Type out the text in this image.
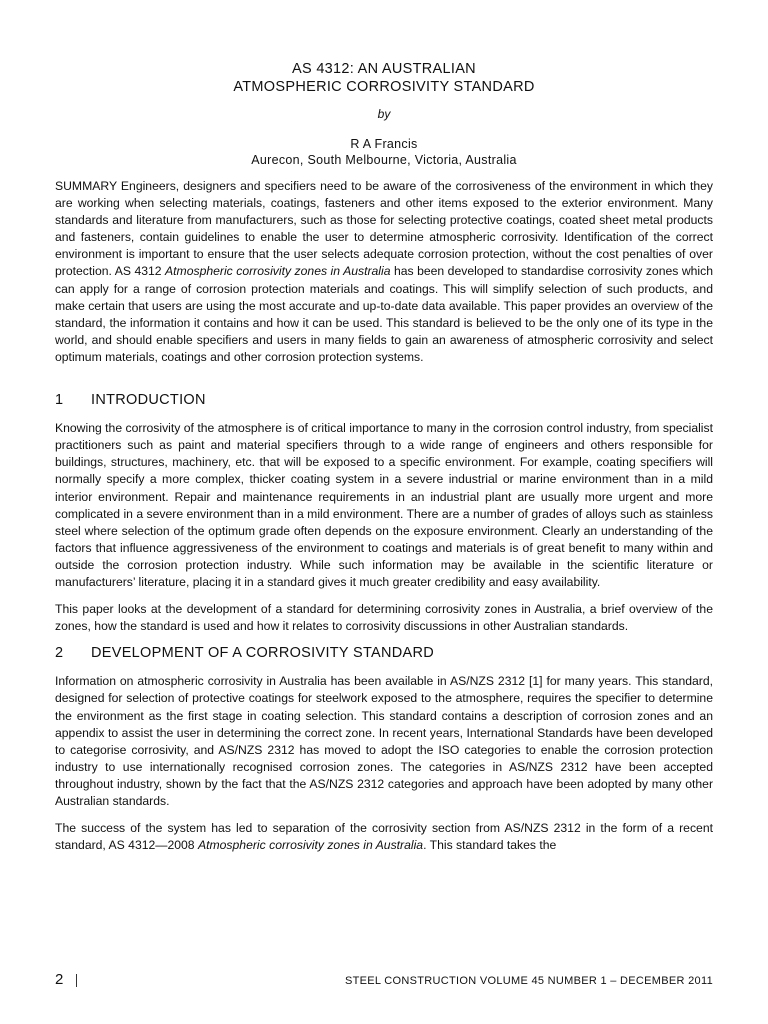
AS 4312: AN AUSTRALIAN
ATMOSPHERIC CORROSIVITY STANDARD
by
R A Francis
Aurecon, South Melbourne, Victoria, Australia

SUMMARY Engineers, designers and specifiers need to be aware of the corrosiveness of the environment in which they are working when selecting materials, coatings, fasteners and other items exposed to the exterior environment. Many standards and literature from manufacturers, such as those for selecting protective coatings, coated sheet metal products and fasteners, contain guidelines to enable the user to determine atmospheric corrosivity. Identification of the correct environment is important to ensure that the user selects adequate corrosion protection, without the cost penalties of over protection. AS 4312 Atmospheric corrosivity zones in Australia has been developed to standardise corrosivity zones which can apply for a range of corrosion protection materials and coatings. This will simplify selection of such products, and make certain that users are using the most accurate and up-to-date data available. This paper provides an overview of the standard, the information it contains and how it can be used. This standard is believed to be the only one of its type in the world, and should enable specifiers and users in many fields to gain an awareness of atmospheric corrosivity and select optimum materials, coatings and other corrosion protection systems.

1	INTRODUCTION

Knowing the corrosivity of the atmosphere is of critical importance to many in the corrosion control industry, from specialist practitioners such as paint and material specifiers through to a wide range of engineers and others responsible for buildings, structures, machinery, etc. that will be exposed to a specific environment. For example, coating specifiers will normally specify a more complex, thicker coating system in a severe industrial or marine environment than in a mild interior environment. Repair and maintenance requirements in an industrial plant are usually more urgent and more complicated in a severe environment than in a mild environment. There are a number of grades of alloys such as stainless steel where selection of the optimum grade often depends on the exposure environment. Clearly an understanding of the factors that influence aggressiveness of the environment to coatings and materials is of great benefit to many within and outside the corrosion protection industry. While such information may be available in the scientific literature or manufacturers’ literature, placing it in a standard gives it much greater credibility and easy availability.

This paper looks at the development of a standard for determining corrosivity zones in Australia, a brief overview of the zones, how the standard is used and how it relates to corrosivity discussions in other Australian standards.

2	DEVELOPMENT OF A CORROSIVITY STANDARD

Information on atmospheric corrosivity in Australia has been available in AS/NZS 2312 [1] for many years. This standard, designed for selection of protective coatings for steelwork exposed to the atmosphere, requires the specifier to determine the environment as the first stage in coating selection. This standard contains a description of corrosion zones and an appendix to assist the user in determining the correct zone. In recent years, International Standards have been developed to categorise corrosivity, and AS/NZS 2312 has moved to adopt the ISO categories to enable the corrosion protection industry to use internationally recognised corrosion zones. The categories in AS/NZS 2312 have been accepted throughout industry, shown by the fact that the AS/NZS 2312 categories and approach have been adopted by many other Australian standards.

The success of the system has led to separation of the corrosivity section from AS/NZS 2312 in the form of a recent standard, AS 4312—2008 Atmospheric corrosivity zones in Australia. This standard takes the

2	STEEL CONSTRUCTION VOLUME 45 NUMBER 1 – DECEMBER 2011
